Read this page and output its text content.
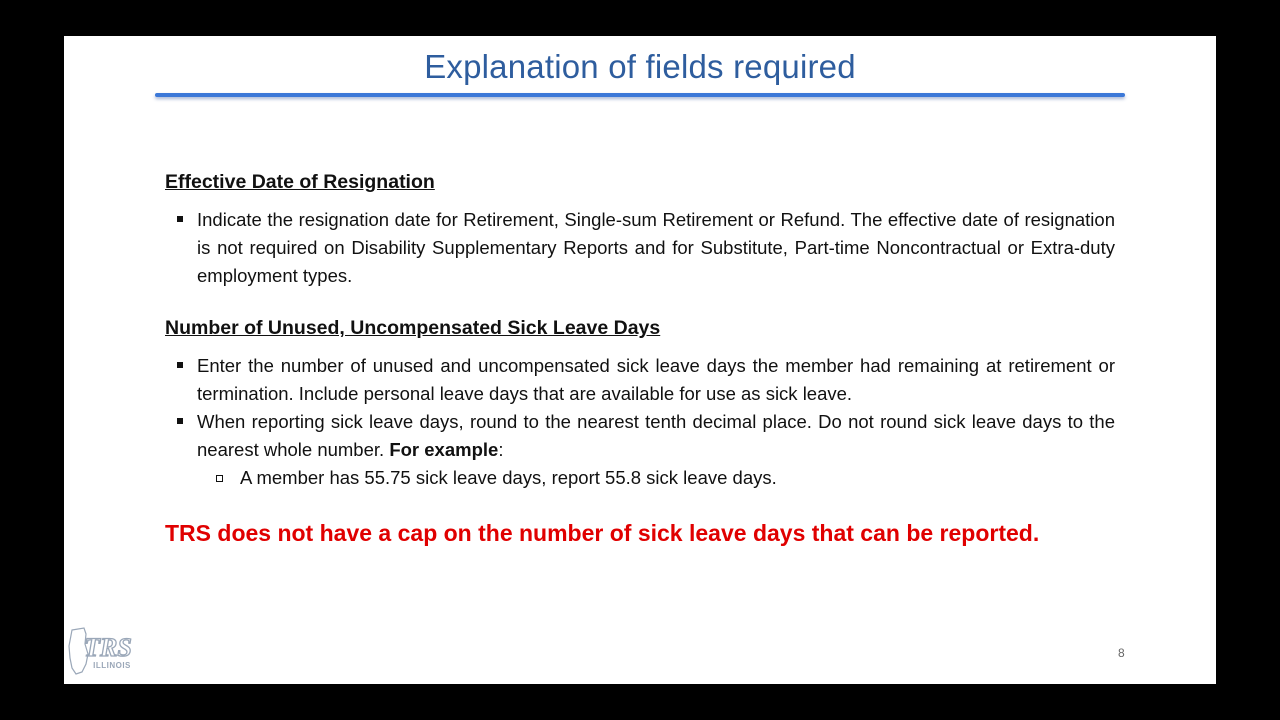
Explanation of fields required
Effective Date of Resignation
Indicate the resignation date for Retirement, Single-sum Retirement or Refund. The effective date of resignation is not required on Disability Supplementary Reports and for Substitute, Part-time Noncontractual or Extra-duty employment types.
Number of Unused, Uncompensated Sick Leave Days
Enter the number of unused and uncompensated sick leave days the member had remaining at retirement or termination. Include personal leave days that are available for use as sick leave.
When reporting sick leave days, round to the nearest tenth decimal place. Do not round sick leave days to the nearest whole number. For example:
A member has 55.75 sick leave days, report 55.8 sick leave days.
TRS does not have a cap on the number of sick leave days that can be reported.
8
TRS
ILLINOIS
